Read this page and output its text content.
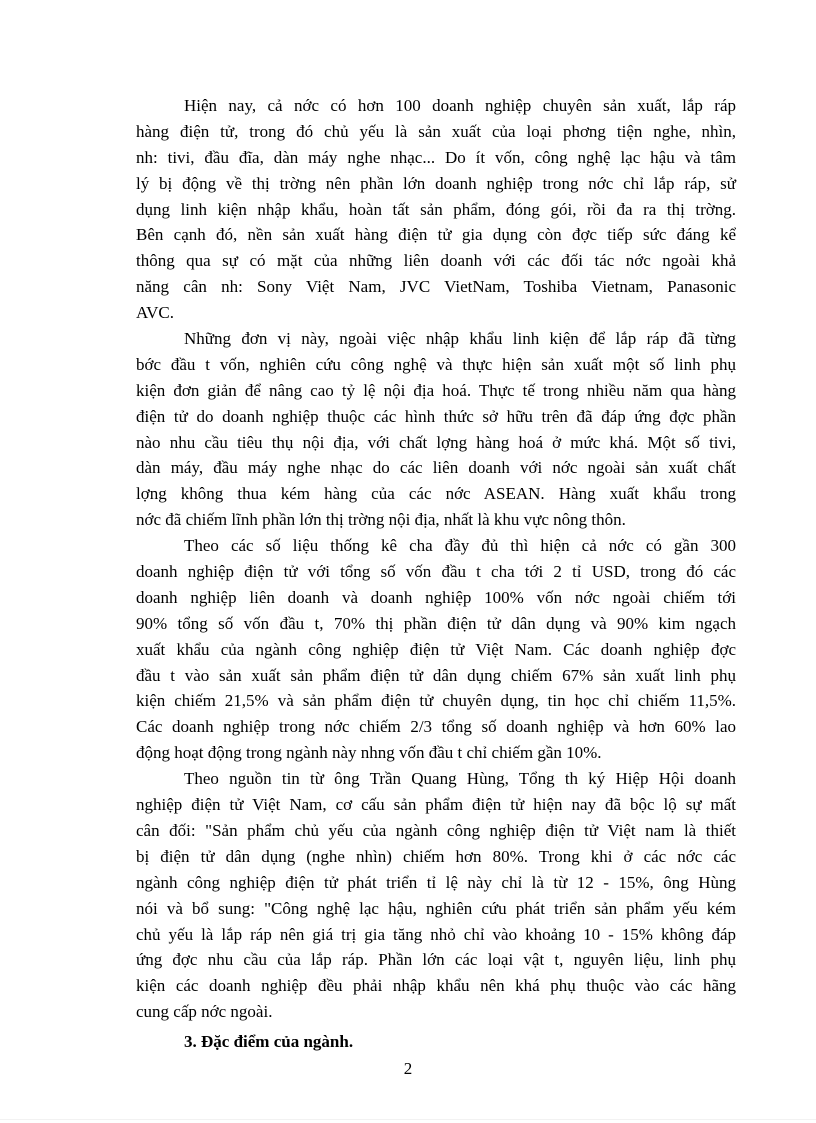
Hiện nay, cả nớc có hơn 100 doanh nghiệp chuyên sản xuất, lắp ráp
hàng điện tử, trong đó chủ yếu là sản xuất của loại phơng tiện nghe, nhìn,
nh: tivi, đầu đĩa, dàn máy nghe nhạc... Do ít vốn, công nghệ lạc hậu và tâm
lý bị động về thị trờng nên phần lớn doanh nghiệp trong nớc chỉ lắp ráp, sử
dụng linh kiện nhập khẩu, hoàn tất sản phẩm, đóng gói, rồi đa ra thị trờng.
Bên cạnh đó, nền sản xuất hàng điện tử gia dụng còn đợc tiếp sức đáng kể
thông qua sự có mặt của những liên doanh với các đối tác nớc ngoài khả
năng cân nh: Sony Việt Nam, JVC VietNam, Toshiba Vietnam, Panasonic
AVC.
Những đơn vị này, ngoài việc nhập khẩu linh kiện để lắp ráp đã từng
bớc đầu t vốn, nghiên cứu công nghệ và thực hiện sản xuất một số linh phụ
kiện đơn giản để nâng cao tỷ lệ nội địa hoá. Thực tế trong nhiều năm qua hàng
điện tử do doanh nghiệp thuộc các hình thức sở hữu trên đã đáp ứng đợc phần
nào nhu cầu tiêu thụ nội địa, với chất lợng hàng hoá ở mức khá. Một số tivi,
dàn máy, đầu máy nghe nhạc do các liên doanh với nớc ngoài sản xuất chất
lợng không thua kém hàng của các nớc ASEAN. Hàng xuất khẩu trong
nớc đã chiếm lĩnh phần lớn thị trờng nội địa, nhất là khu vực nông thôn.
Theo các số liệu thống kê cha đầy đủ thì hiện cả nớc có gần 300
doanh nghiệp điện tử với tổng số vốn đầu t cha tới 2 tỉ USD, trong đó các
doanh nghiệp liên doanh và doanh nghiệp 100% vốn nớc ngoài chiếm tới
90% tổng số vốn đầu t, 70% thị phần điện tử dân dụng và 90% kim ngạch
xuất khẩu của ngành công nghiệp điện tử Việt Nam. Các doanh nghiệp đợc
đầu t vào sản xuất sản phẩm điện tử dân dụng chiếm 67% sản xuất linh phụ
kiện chiếm 21,5% và sản phẩm điện tử chuyên dụng, tin học chỉ chiếm 11,5%.
Các doanh nghiệp trong nớc chiếm 2/3 tổng số doanh nghiệp và hơn 60% lao
động hoạt động trong ngành này nhng vốn đầu t chỉ chiếm gần 10%.
Theo nguồn tin từ ông Trần Quang Hùng, Tổng th ký Hiệp Hội doanh
nghiệp điện tử Việt Nam, cơ cấu sản phẩm điện tử hiện nay đã bộc lộ sự mất
cân đối: "Sản phẩm chủ yếu của ngành công nghiệp điện tử Việt nam là thiết
bị điện tử dân dụng (nghe nhìn) chiếm hơn 80%. Trong khi ở các nớc các
ngành công nghiệp điện tử phát triển tỉ lệ này chỉ là từ 12 - 15%, ông Hùng
nói và bổ sung: "Công nghệ lạc hậu, nghiên cứu phát triển sản phẩm yếu kém
chủ yếu là lắp ráp nên giá trị gia tăng nhỏ chỉ vào khoảng 10 - 15% không đáp
ứng đợc nhu cầu của lắp ráp. Phần lớn các loại vật t, nguyên liệu, linh phụ
kiện các doanh nghiệp đều phải nhập khẩu nên khá phụ thuộc vào các hãng
cung cấp nớc ngoài.
3. Đặc điểm của ngành.
2
